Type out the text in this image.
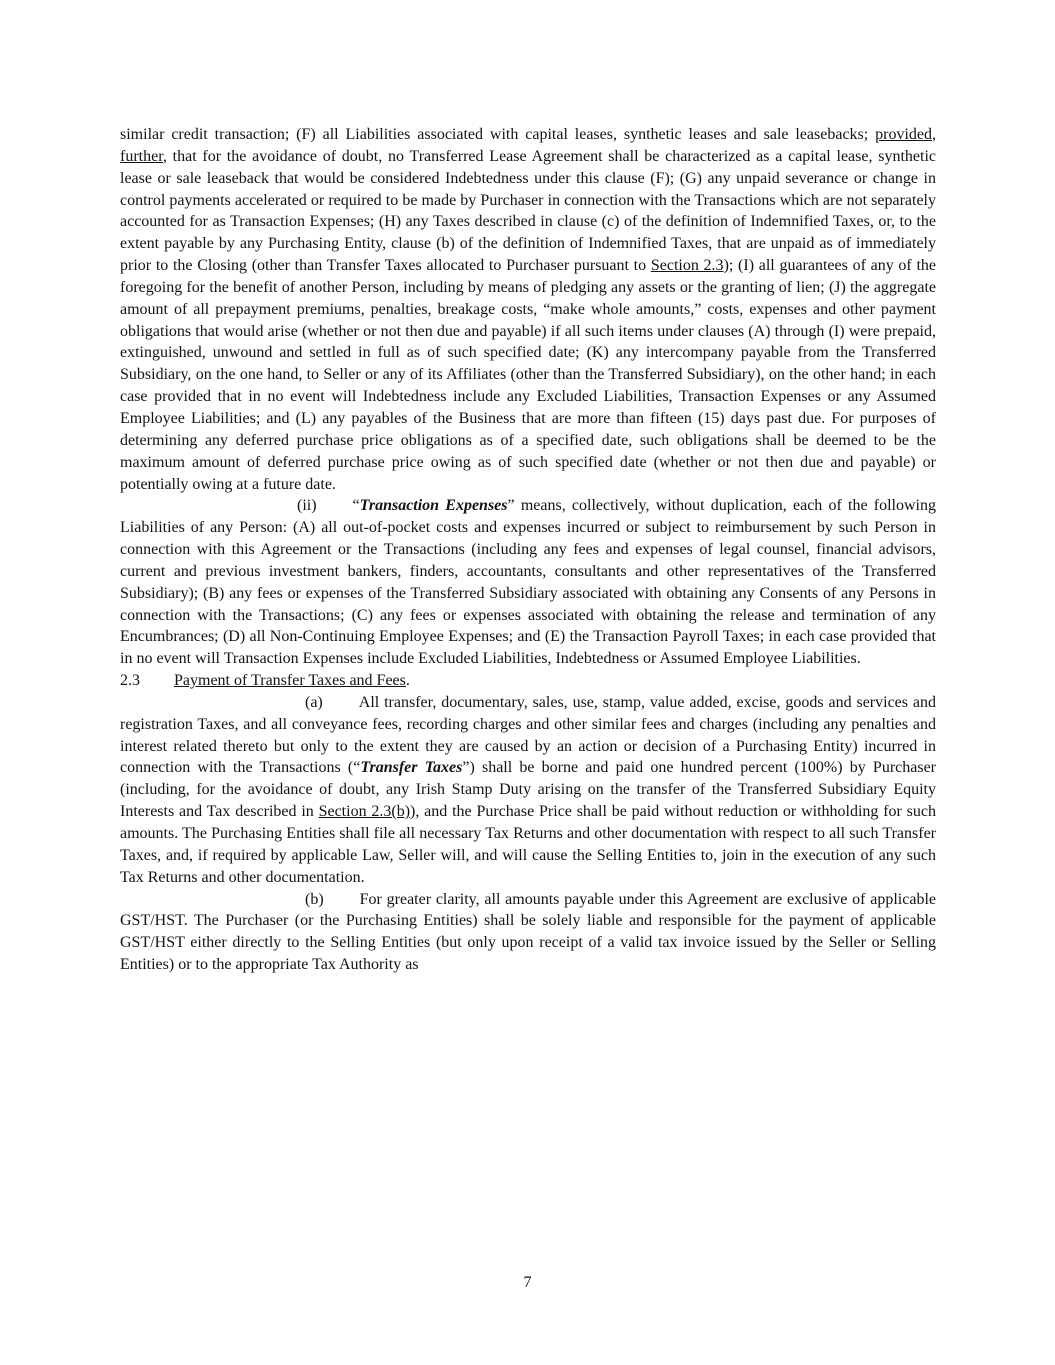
similar credit transaction; (F) all Liabilities associated with capital leases, synthetic leases and sale leasebacks; provided, further, that for the avoidance of doubt, no Transferred Lease Agreement shall be characterized as a capital lease, synthetic lease or sale leaseback that would be considered Indebtedness under this clause (F); (G) any unpaid severance or change in control payments accelerated or required to be made by Purchaser in connection with the Transactions which are not separately accounted for as Transaction Expenses; (H) any Taxes described in clause (c) of the definition of Indemnified Taxes, or, to the extent payable by any Purchasing Entity, clause (b) of the definition of Indemnified Taxes, that are unpaid as of immediately prior to the Closing (other than Transfer Taxes allocated to Purchaser pursuant to Section 2.3); (I) all guarantees of any of the foregoing for the benefit of another Person, including by means of pledging any assets or the granting of lien; (J) the aggregate amount of all prepayment premiums, penalties, breakage costs, “make whole amounts,” costs, expenses and other payment obligations that would arise (whether or not then due and payable) if all such items under clauses (A) through (I) were prepaid, extinguished, unwound and settled in full as of such specified date; (K) any intercompany payable from the Transferred Subsidiary, on the one hand, to Seller or any of its Affiliates (other than the Transferred Subsidiary), on the other hand; in each case provided that in no event will Indebtedness include any Excluded Liabilities, Transaction Expenses or any Assumed Employee Liabilities; and (L) any payables of the Business that are more than fifteen (15) days past due. For purposes of determining any deferred purchase price obligations as of a specified date, such obligations shall be deemed to be the maximum amount of deferred purchase price owing as of such specified date (whether or not then due and payable) or potentially owing at a future date.

(ii) “Transaction Expenses” means, collectively, without duplication, each of the following Liabilities of any Person: (A) all out-of-pocket costs and expenses incurred or subject to reimbursement by such Person in connection with this Agreement or the Transactions (including any fees and expenses of legal counsel, financial advisors, current and previous investment bankers, finders, accountants, consultants and other representatives of the Transferred Subsidiary); (B) any fees or expenses of the Transferred Subsidiary associated with obtaining any Consents of any Persons in connection with the Transactions; (C) any fees or expenses associated with obtaining the release and termination of any Encumbrances; (D) all Non-Continuing Employee Expenses; and (E) the Transaction Payroll Taxes; in each case provided that in no event will Transaction Expenses include Excluded Liabilities, Indebtedness or Assumed Employee Liabilities.

2.3 Payment of Transfer Taxes and Fees.

(a) All transfer, documentary, sales, use, stamp, value added, excise, goods and services and registration Taxes, and all conveyance fees, recording charges and other similar fees and charges (including any penalties and interest related thereto but only to the extent they are caused by an action or decision of a Purchasing Entity) incurred in connection with the Transactions (“Transfer Taxes”) shall be borne and paid one hundred percent (100%) by Purchaser (including, for the avoidance of doubt, any Irish Stamp Duty arising on the transfer of the Transferred Subsidiary Equity Interests and Tax described in Section 2.3(b)), and the Purchase Price shall be paid without reduction or withholding for such amounts. The Purchasing Entities shall file all necessary Tax Returns and other documentation with respect to all such Transfer Taxes, and, if required by applicable Law, Seller will, and will cause the Selling Entities to, join in the execution of any such Tax Returns and other documentation.

(b) For greater clarity, all amounts payable under this Agreement are exclusive of applicable GST/HST. The Purchaser (or the Purchasing Entities) shall be solely liable and responsible for the payment of applicable GST/HST either directly to the Selling Entities (but only upon receipt of a valid tax invoice issued by the Seller or Selling Entities) or to the appropriate Tax Authority as

7
